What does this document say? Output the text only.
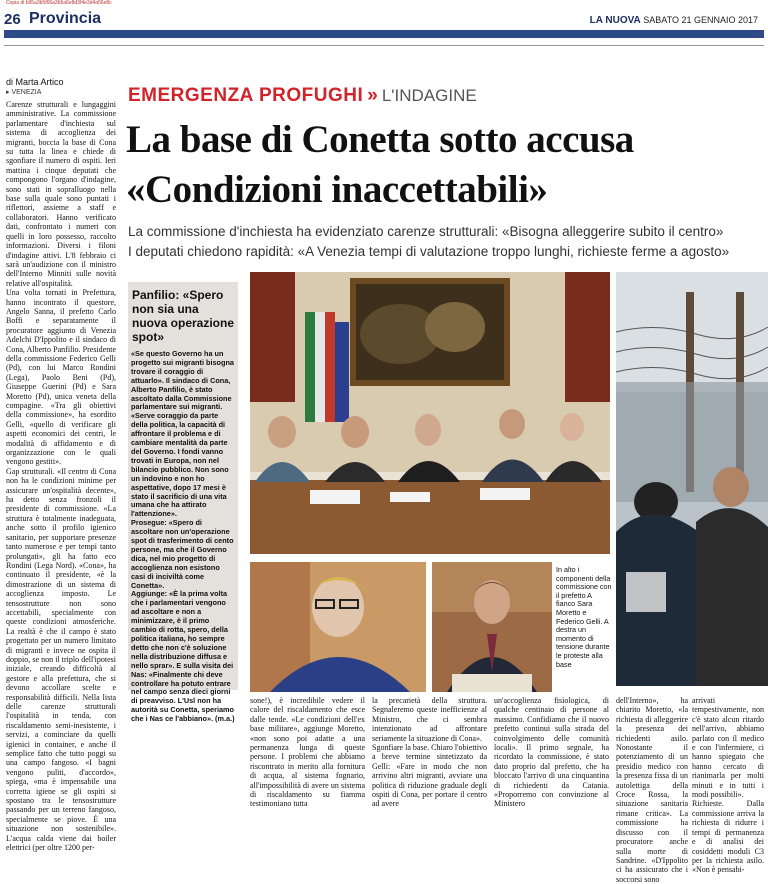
Copia di b95a3b5f66a3b5a6e8d3f4e3d4a56e8c
26 Provincia	LA NUOVA SABATO 21 GENNAIO 2017
di Marta Artico
▸ VENEZIA
Carenze strutturali e lungaggini amministrative. La commissione parlamentare d'inchiesta sul sistema di accoglienza dei migranti, boccia la base di Cona su tutta la linea e chiede di sgonfiare il numero di ospiti. Ieri mattina i cinque deputati che compongono l'organo d'indagine, sono stati in sopralluogo nella base sulla quale sono puntati i riflettori, assieme a staff e collaboratori. Hanno verificato dati, confrontato i numeri con quelli in loro possesso, raccolto informazioni. Diversi i filoni d'indagine attivi. L'8 febbraio ci sarà un'audizione con il ministro dell'Interno Minniti sulle novità relative all'ospitalità.
Una volta tornati in Prefettura, hanno incontrato il questore, Angelo Sanna, il prefetto Carlo Boffi e separatamente il procuratore aggiunto di Venezia Adelchi D'Ippolito e il sindaco di Cona, Alberto Panfilio. Presidente della commissione Federico Gelli (Pd), con lui Marco Rondini (Lega), Paolo Beni (Pd), Giuseppe Guerini (Pd) e Sara Moretto (Pd), unica veneta della compagine. «Tra gli obiettivi della commissione», ha esordito Gelli, «quello di verificare gli aspetti economici dei centri, le modalità di affidamento e di organizzazione con le quali vengono gestiti».
Gap strutturali. «Il centro di Cona non ha le condizioni minime per assicurare un'ospitalità decente», ha detto senza fronzoli il presidente di commissione. «La struttura è totalmente inadeguata, anche sotto il profilo igienico sanitario, per supportare presenze tanto numerose e per tempi tanto prolungati», gli ha fatto eco Rondini (Lega Nord). «Cona», ha continuato il presidente, «è la dimostrazione di un sistema di accoglienza imposto. Le tensostrutture non sono accettabili, specialmente con queste condizioni atmosferiche. La realtà è che il campo è stato progettato per un numero limitato di migranti e invece ne ospita il doppio, se non il triplo dell'ipotesi iniziale, creando difficoltà al gestore e alla prefettura, che si devono accollare scelte e responsabilità difficili. Nella lista delle carenze strutturali l'ospitalità in tenda, con riscaldamento semi-inesistente, i servizi, a cominciare da quelli igienici in container, e anche il semplice fatto che tutto poggi su una campo fangoso. «I bagni vengono puliti, d'accordo», spiega, «ma è impensabile una corretta igiene se gli ospiti si spostano tra le tensostrutture passando per un terreno fangoso, specialmente se piove. È una situazione non sostenibile». L'acqua calda viene dai boiler elettrici (per oltre 1200 per-
EMERGENZA PROFUGHI » L'INDAGINE
La base di Conetta sotto accusa
«Condizioni inaccettabili»
La commissione d'inchiesta ha evidenziato carenze strutturali: «Bisogna alleggerire subito il centro»
I deputati chiedono rapidità: «A Venezia tempi di valutazione troppo lunghi, richieste ferme a agosto»
Panfilio: «Spero non sia una nuova operazione spot»
«Se questo Governo ha un progetto sui migranti bisogna trovare il coraggio di attuarlo». Il sindaco di Cona, Alberto Panfilio, è stato ascoltato dalla Commissione parlamentare sui migranti. «Serve coraggio da parte della politica, la capacità di affrontare il problema e di cambiare mentalità da parte del Governo. I fondi vanno trovati in Europa, non nel bilancio pubblico. Non sono un indovino e non ho aspettative, dopo 17 mesi è stato il sacrificio di una vita umana che ha attirato l'attenzione».
Prosegue: «Spero di ascoltare non un'operazione spot di trasferimento di cento persone, ma che il Governo dica, nel mio progetto di accoglienza non esistono casi di inciviltà come Conetta».
Aggiunge: «È la prima volta che i parlamentari vengono ad ascoltare e non a minimizzare, è il primo cambio di rotta, spero, della politica italiana, ho sempre detto che non c'è soluzione nella distribuzione diffusa e nello sprar». E sulla visita dei Nas: «Finalmente chi deve controllare ha potuto entrare nel campo senza dieci giorni di preavviso. L'Usl non ha autorità su Conetta, speriamo che i Nas ce l'abbiano». (m.a.)
In alto i componenti della commissione con il prefetto A fianco Sara Moretto e Federico Gelli. A destra un momento di tensione durante le proteste alla base
sone!), è incredibile vedere il calore del riscaldamento che esce dalle tende. «Le condizioni dell'ex base militare», aggiunge Moretto, «non sono poi adatte a una permanenza lunga di queste persone. I problemi che abbiamo riscontrato in merito alla fornitura di acqua, al sistema fognario, all'impossibilità di avere un sistema di riscaldamento su fiamma testimoniano tutta
la precarietà della struttura. Segnaleremo queste inefficienze al Ministro, che ci sembra intenzionato ad affrontare seriamente la situazione di Cona».
Sgonfiare la base. Chiaro l'obiettivo a breve termine sintetizzato da Gelli: «Fare in modo che non arrivino altri migranti, avviare una politica di riduzione graduale degli ospiti di Cona, per portare il centro ad avere
un'accoglienza fisiologica, di qualche centinaio di persone al massimo. Confidiamo che il nuovo prefetto continui sulla strada del coinvolgimento delle comunità locali». Il primo segnale, ha ricordato la commissione, è stato dato proprio dal prefetto, che ha bloccato l'arrivo di una cinquantina di richiedenti da Catania. «Proporremo con convinzione al Ministero
dell'Interno», ha chiarito Moretto, «la richiesta di alleggerire la presenza dei richiedenti asilo. Nonostante il potenziamento di un presidio medico con la presenza fissa di un autolettiga della Croce Rossa, la situazione sanitaria rimane critica». La commissione ha discusso con il procuratore anche sulla morte di Sandrine. «D'Ippolito ci ha assicurato che i soccorsi sono
arrivati tempestivamente, non c'è stato alcun ritardo nell'arrivo, abbiamo parlato con il medico e con l'infermiere, ci hanno spiegato che hanno cercato di rianimarla per molti minuti e in tutti i modi possibili».
Richieste. Dalla commissione arriva la richiesta di ridurre i tempi di permanenza e di analisi dei cosiddetti moduli C3 per la richiesta asilo. «Non è pensabi-
